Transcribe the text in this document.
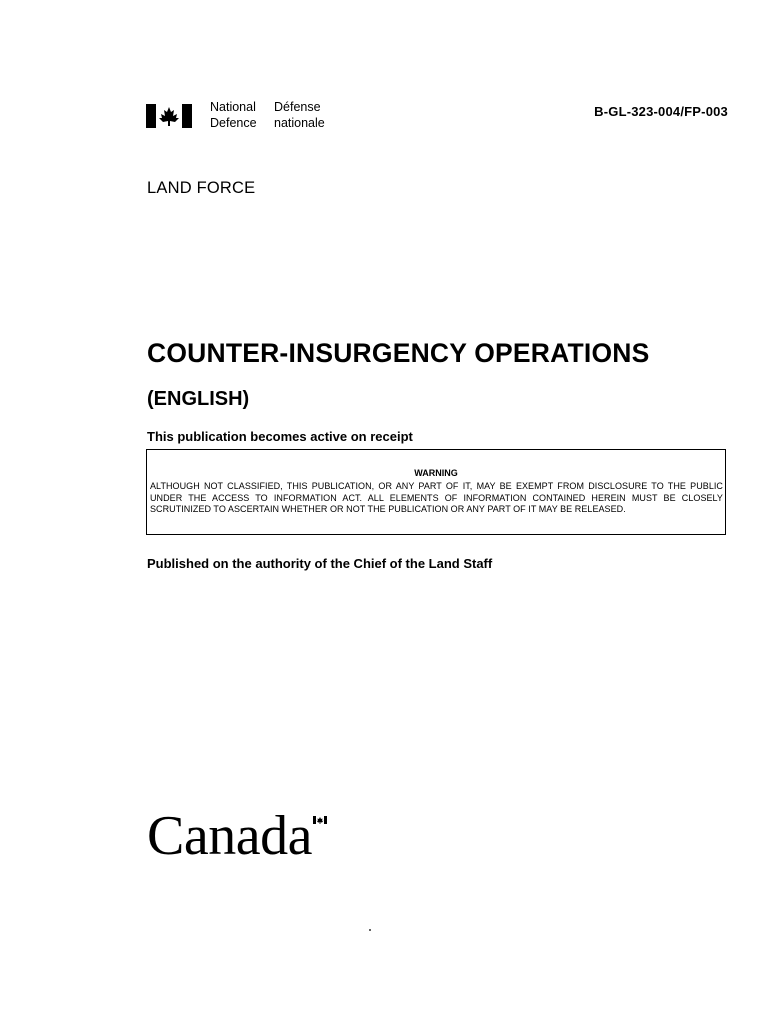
National
Defence
Défense
nationale
B-GL-323-004/FP-003
LAND FORCE
COUNTER-INSURGENCY OPERATIONS
(ENGLISH)
This publication becomes active on receipt
WARNING
ALTHOUGH NOT CLASSIFIED, THIS PUBLICATION, OR ANY PART OF IT, MAY BE EXEMPT FROM DISCLOSURE TO THE PUBLIC UNDER THE ACCESS TO INFORMATION ACT. ALL ELEMENTS OF INFORMATION CONTAINED HEREIN MUST BE CLOSELY SCRUTINIZED TO ASCERTAIN WHETHER OR NOT THE PUBLICATION OR ANY PART OF IT MAY BE RELEASED.
Published on the authority of the Chief of the Land Staff
Canada
